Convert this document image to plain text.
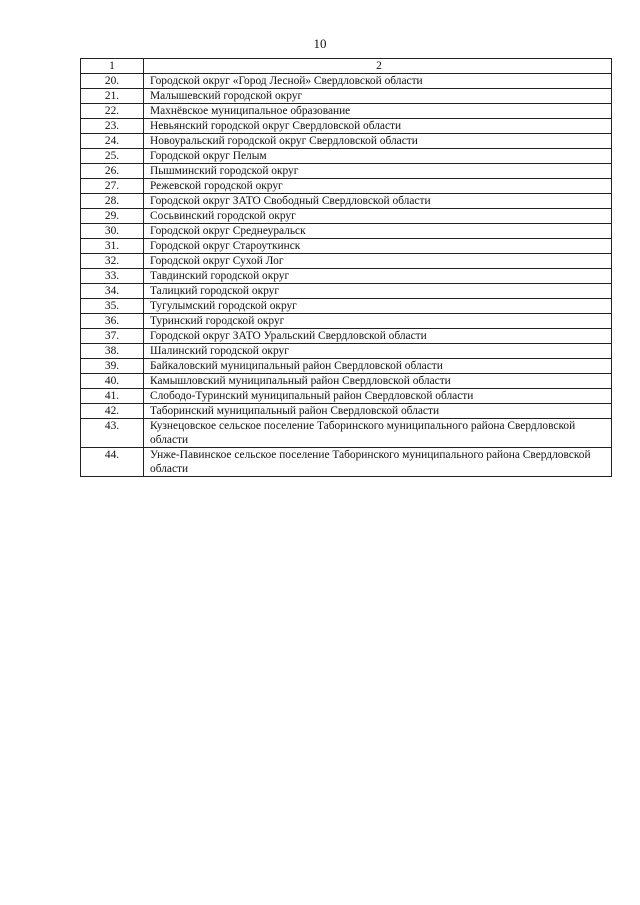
10
1	2
20.	Городской округ «Город Лесной» Свердловской области
21.	Малышевский городской округ
22.	Махнёвское муниципальное образование
23.	Невьянский городской округ Свердловской области
24.	Новоуральский городской округ Свердловской области
25.	Городской округ Пелым
26.	Пышминский городской округ
27.	Режевской городской округ
28.	Городской округ ЗАТО Свободный Свердловской области
29.	Сосьвинский городской округ
30.	Городской округ Среднеуральск
31.	Городской округ Староуткинск
32.	Городской округ Сухой Лог
33.	Тавдинский городской округ
34.	Талицкий городской округ
35.	Тугулымский городской округ
36.	Туринский городской округ
37.	Городской округ ЗАТО Уральский Свердловской области
38.	Шалинский городской округ
39.	Байкаловский муниципальный район Свердловской области
40.	Камышловский муниципальный район Свердловской области
41.	Слободо-Туринский муниципальный район Свердловской области
42.	Таборинский муниципальный район Свердловской области
43.	Кузнецовское сельское поселение Таборинского муниципального района Свердловской области
44.	Унже-Павинское сельское поселение Таборинского муниципального района Свердловской области
